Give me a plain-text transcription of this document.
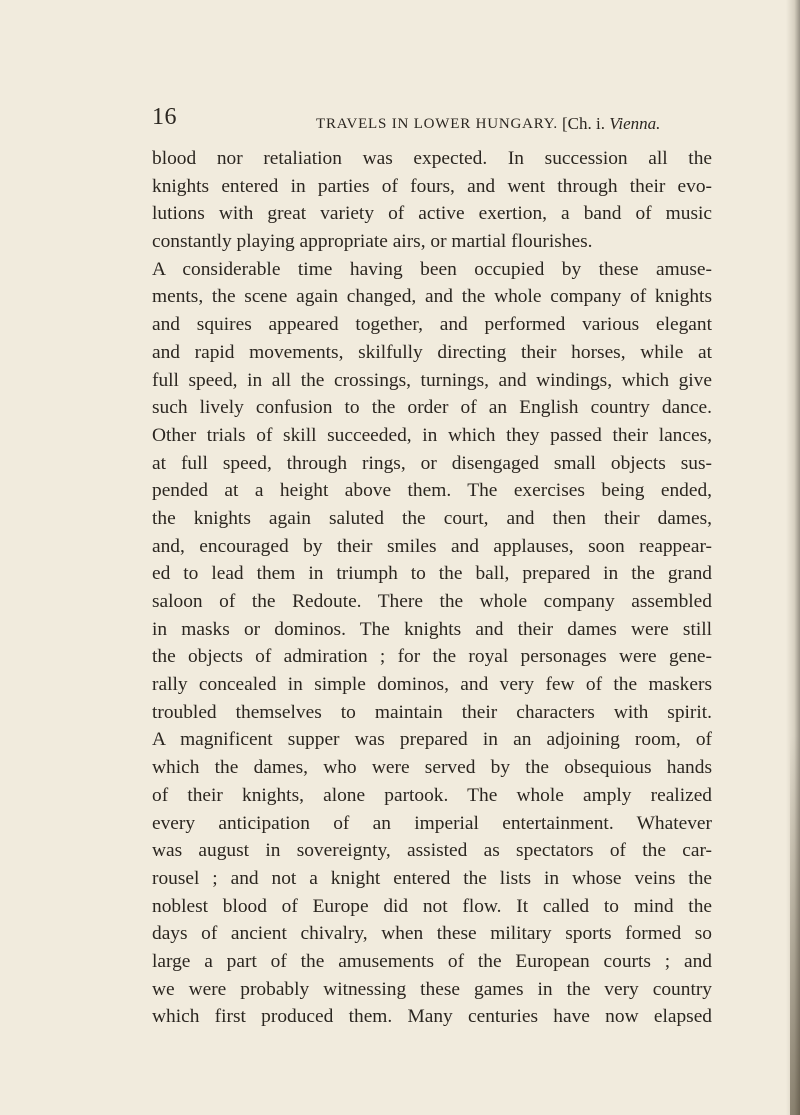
16	TRAVELS IN LOWER HUNGARY. [Ch. i. Vienna.
blood nor retaliation was expected. In succession all the
knights entered in parties of fours, and went through their evo-
lutions with great variety of active exertion, a band of music
constantly playing appropriate airs, or martial flourishes.
A considerable time having been occupied by these amuse-
ments, the scene again changed, and the whole company of knights
and squires appeared together, and performed various elegant
and rapid movements, skilfully directing their horses, while at
full speed, in all the crossings, turnings, and windings, which give
such lively confusion to the order of an English country dance.
Other trials of skill succeeded, in which they passed their lances,
at full speed, through rings, or disengaged small objects sus-
pended at a height above them. The exercises being ended,
the knights again saluted the court, and then their dames,
and, encouraged by their smiles and applauses, soon reappear-
ed to lead them in triumph to the ball, prepared in the grand
saloon of the Redoute. There the whole company assembled
in masks or dominos. The knights and their dames were still
the objects of admiration ; for the royal personages were gene-
rally concealed in simple dominos, and very few of the maskers
troubled themselves to maintain their characters with spirit.
A magnificent supper was prepared in an adjoining room, of
which the dames, who were served by the obsequious hands
of their knights, alone partook. The whole amply realized
every anticipation of an imperial entertainment. Whatever
was august in sovereignty, assisted as spectators of the car-
rousel ; and not a knight entered the lists in whose veins the
noblest blood of Europe did not flow. It called to mind the
days of ancient chivalry, when these military sports formed so
large a part of the amusements of the European courts ; and
we were probably witnessing these games in the very country
which first produced them. Many centuries have now elapsed
